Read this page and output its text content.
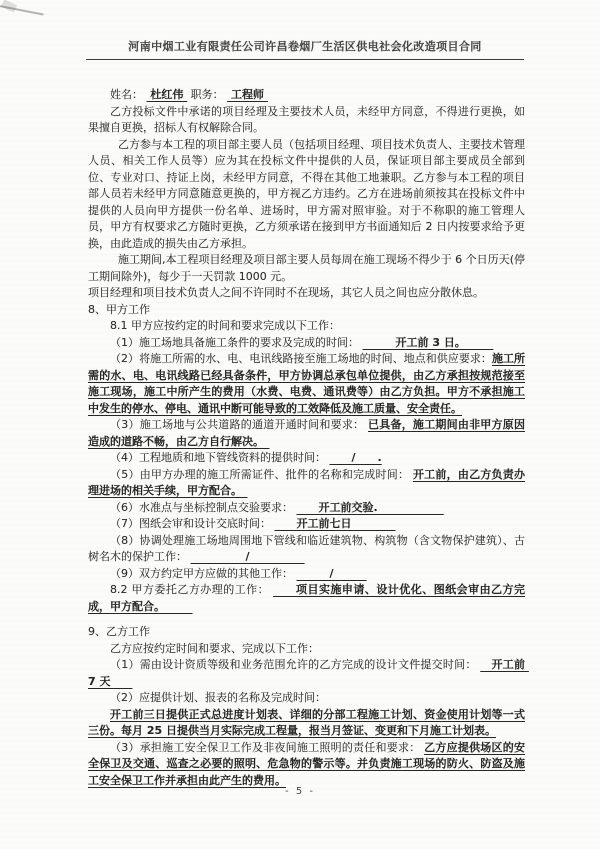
河南中烟工业有限责任公司许昌卷烟厂生活区供电社会化改造项目合同

姓名：  杜红伟  职务：  工程师

乙方投标文件中承诺的项目经理及主要技术人员，未经甲方同意，不得进行更换，如果擅自更换，招标人有权解除合同。

乙方参与本工程的项目部主要人员（包括项目经理、项目技术负责人、主要技术管理人员、相关工作人员等）应为其在投标文件中提供的人员，保证项目部主要成员全部到位、专业对口、持证上岗，未经甲方同意，不得在其他工地兼职。乙方参与本工程的项目部人员若未经甲方同意随意更换的，甲方视乙方违约。乙方在进场前须按其在投标文件中提供的人员向甲方提供一份名单、进场时，甲方需对照审验。对于不称职的施工管理人员，甲方有权要求乙方随时更换，乙方须承诺在接到甲方书面通知后 2 日内按要求给予更换，由此造成的损失由乙方承担。

施工期间,本工程项目经理及项目部主要人员每周在施工现场不得少于 6 个日历天(停工期间除外)，每少于一天罚款 1000 元。

项目经理和项目技术负责人之间不许同时不在现场，其它人员之间也应分散休息。

8、甲方工作

8.1 甲方应按约定的时间和要求完成以下工作：

（1）施工场地具备施工条件的要求及完成的时间： 　　　开工前 3 日。　　　

（2）将施工所需的水、电、电讯线路接至施工场地的时间、地点和供应要求：施工所需的水、电、电讯线路已经具备条件，甲方协调总承包单位提供，由乙方承担按规范接至施工现场，施工中所产生的费用（水费、电费、通讯费等）由乙方负担。甲方不承担施工中发生的停水、停电、通讯中断可能导致的工效降低及施工质量、安全责任。

（3）施工场地与公共道路的通道开通时间和要求： 已具备，施工期间由非甲方原因造成的道路不畅，由乙方自行解决。　

（4）工程地质和地下管线资料的提供时间： 　　/　　.

（5）由甲方办理的施工所需证件、批件的名称和完成时间： 开工前，由乙方负责办理进场的相关手续，甲方配合。　

（6）水准点与坐标控制点交验要求： 　　开工前交验.　　　　　　

（7）图纸会审和设计交底时间： 　　开工前七日　　　　

（8）协调处理施工场地周围地下管线和临近建筑物、构筑物（含文物保护建筑）、古树名木的保护工作： 　　　　　/　　　　　

（9）双方约定甲方应做的其他工作： 　　　/　　　

8.2 甲方委托乙方办理的工作： 　　项目实施申请、设计优化、图纸会审由乙方完成，甲方配合。　　　

9、乙方工作

乙方应按约定时间和要求、完成以下工作：

（1）需由设计资质等级和业务范围允许的乙方完成的设计文件提交时间： 　开工前 7 天　　

（2）应提供计划、报表的名称及完成时间：

开工前三日提供正式总进度计划表、详细的分部工程施工计划、资金使用计划等一式三份。每月 25 日提供当月实际完成工程量，报当月签证、变更和下月施工计划表。

（3）承担施工安全保卫工作及非夜间施工照明的责任和要求： 乙方应提供场区的安全保卫及交通、巡查之必要的照明、危急物的警示等。并负责施工现场的防火、防盗及施工安全保卫工作并承担由此产生的费用。

- 5 -
